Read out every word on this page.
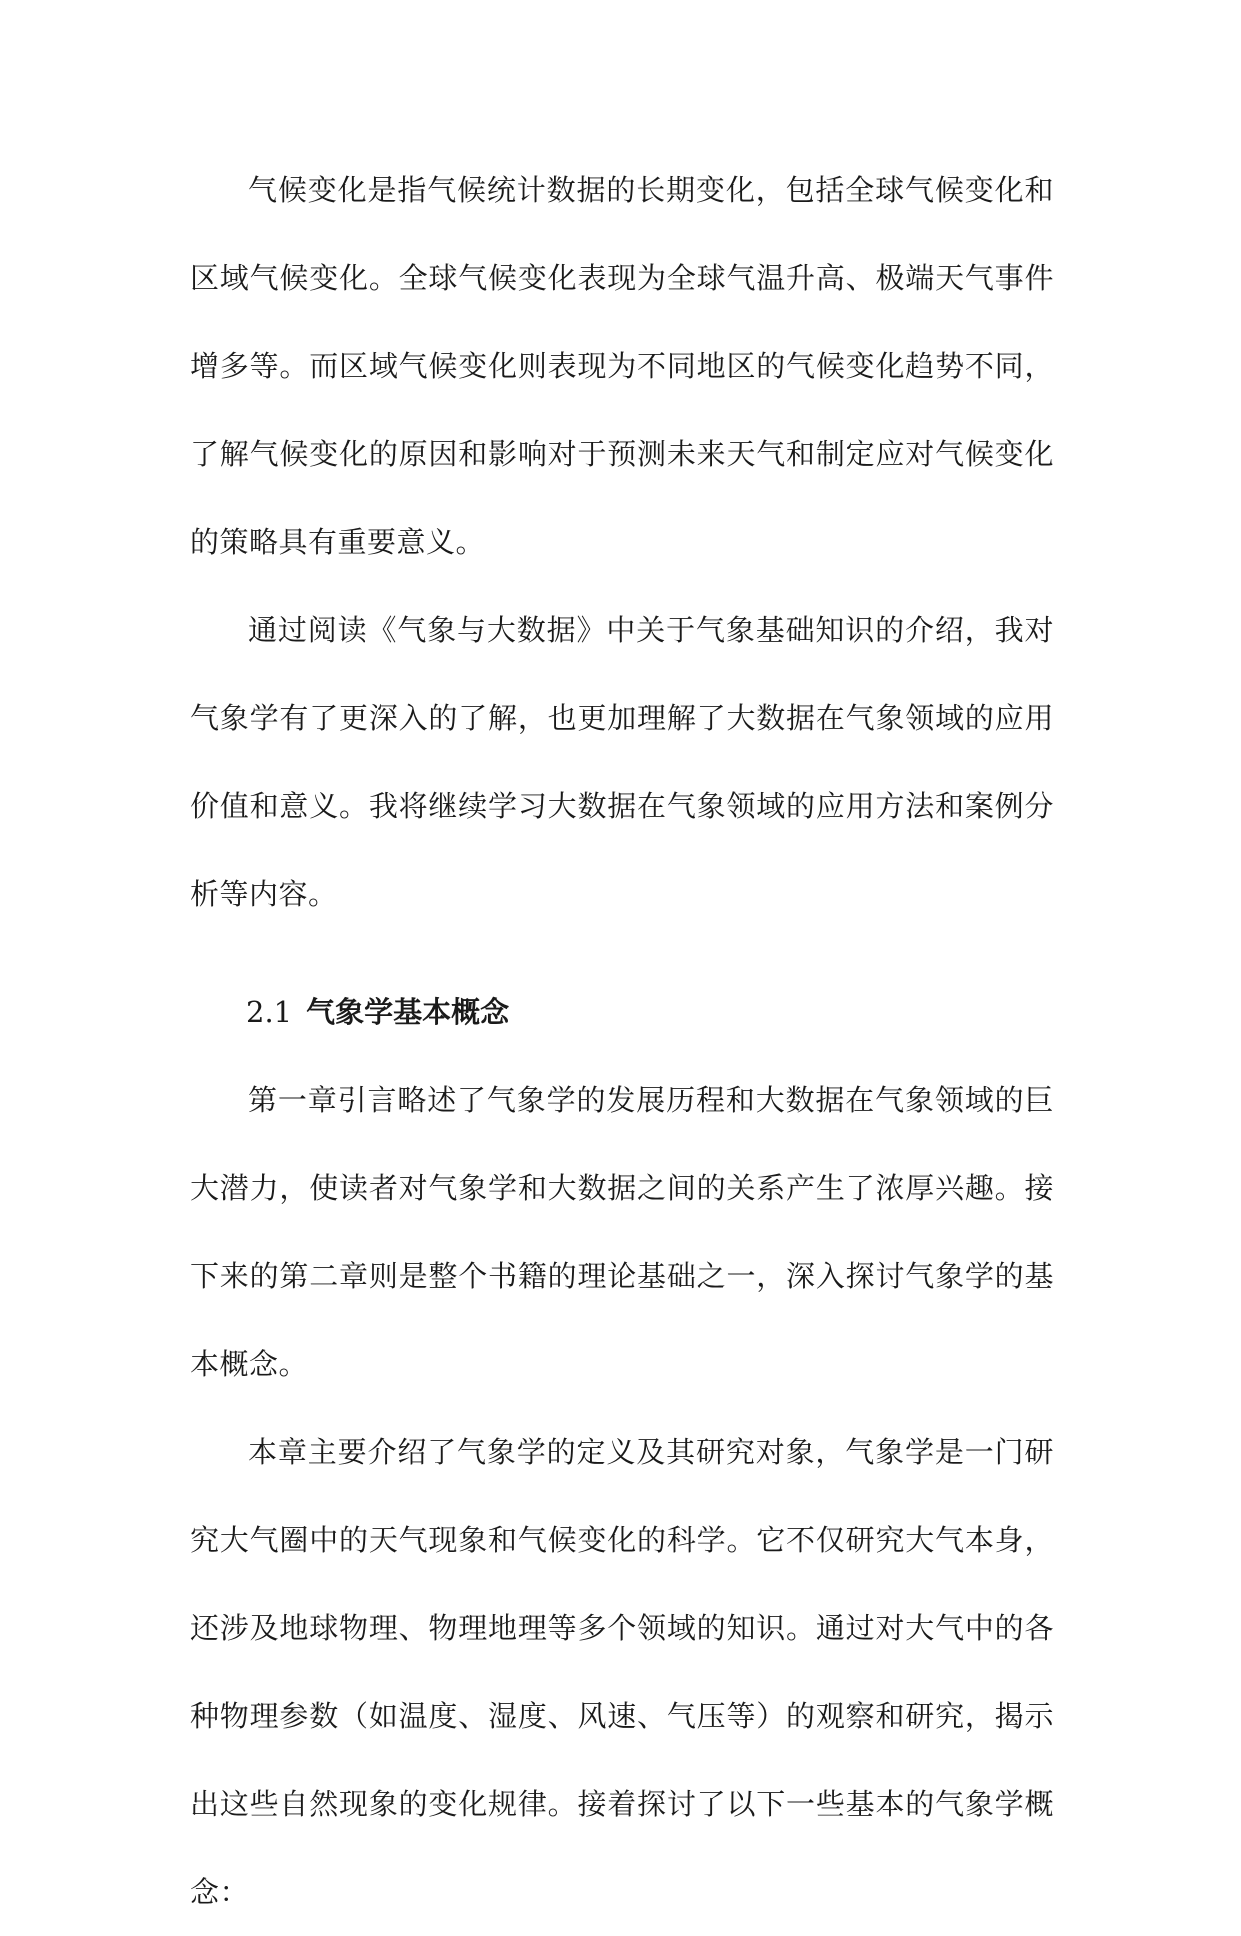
气候变化是指气候统计数据的长期变化，包括全球气候变化和区域气候变化。全球气候变化表现为全球气温升高、极端天气事件增多等。而区域气候变化则表现为不同地区的气候变化趋势不同，了解气候变化的原因和影响对于预测未来天气和制定应对气候变化的策略具有重要意义。

通过阅读《气象与大数据》中关于气象基础知识的介绍，我对气象学有了更深入的了解，也更加理解了大数据在气象领域的应用价值和意义。我将继续学习大数据在气象领域的应用方法和案例分析等内容。

2.1 气象学基本概念

第一章引言略述了气象学的发展历程和大数据在气象领域的巨大潜力，使读者对气象学和大数据之间的关系产生了浓厚兴趣。接下来的第二章则是整个书籍的理论基础之一，深入探讨气象学的基本概念。

本章主要介绍了气象学的定义及其研究对象，气象学是一门研究大气圈中的天气现象和气候变化的科学。它不仅研究大气本身，还涉及地球物理、物理地理等多个领域的知识。通过对大气中的各种物理参数（如温度、湿度、风速、气压等）的观察和研究，揭示出这些自然现象的变化规律。接着探讨了以下一些基本的气象学概念：
